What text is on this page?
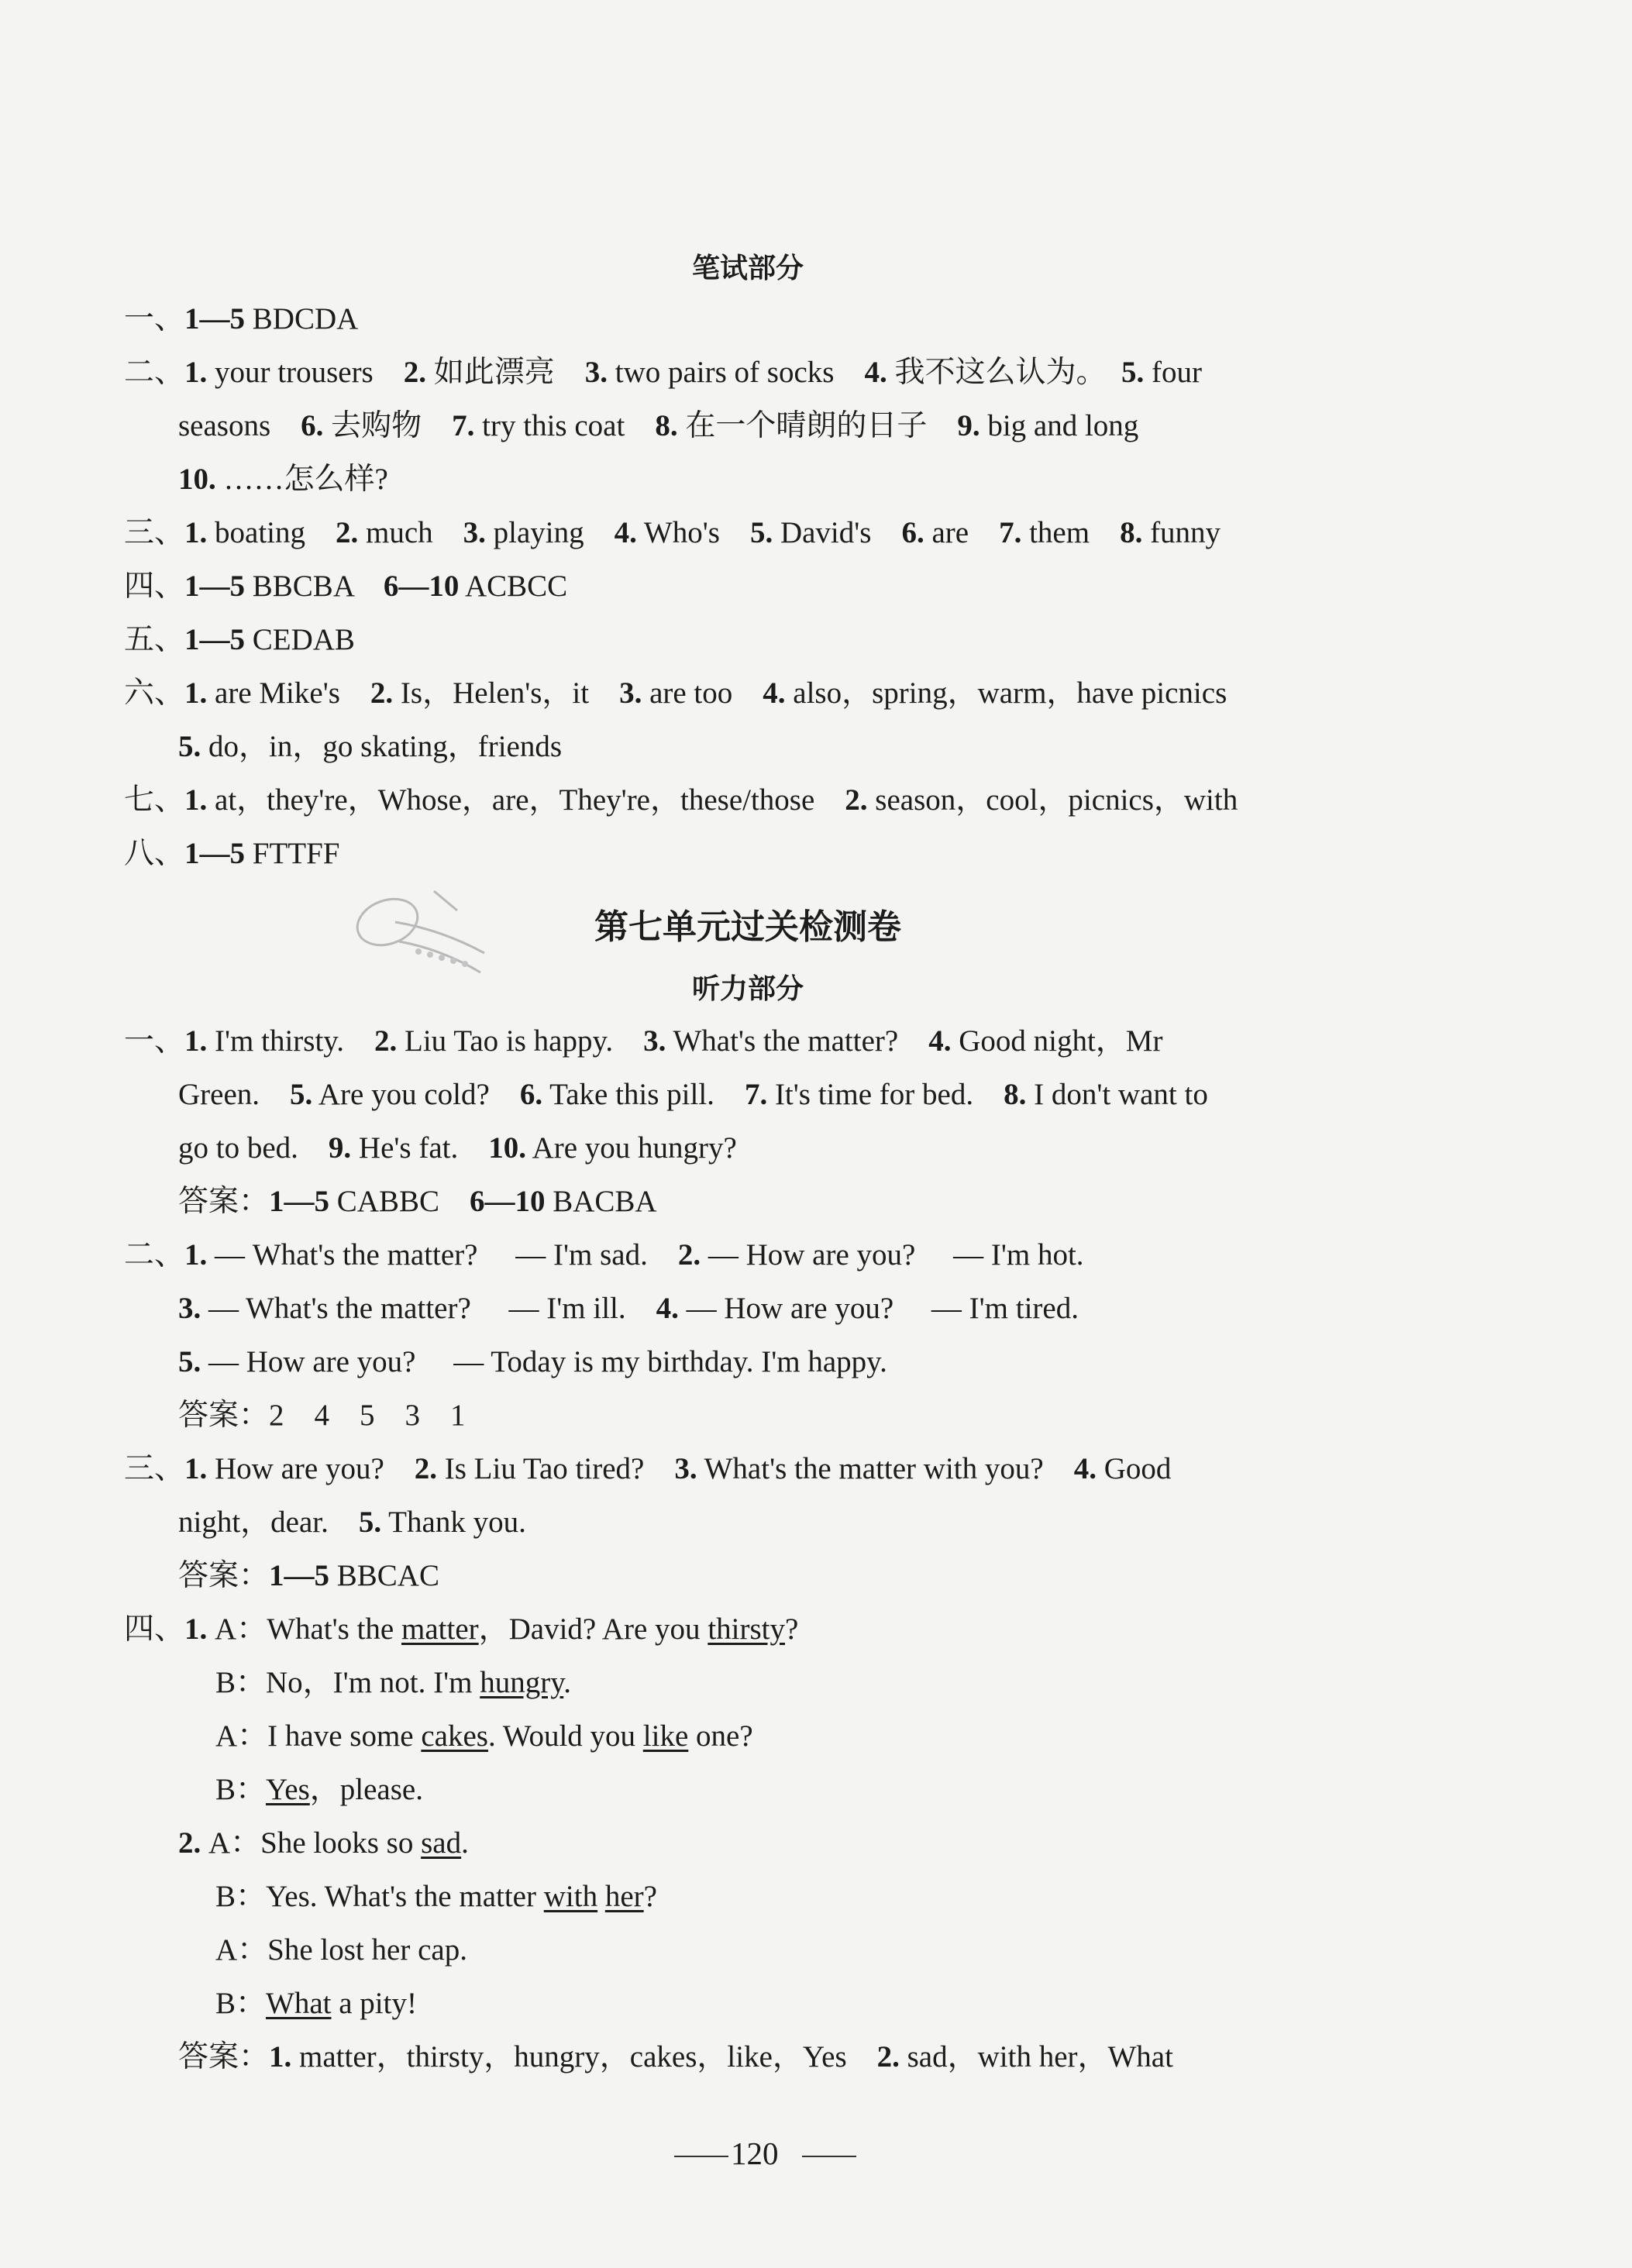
笔试部分
一、1—5 BDCDA
二、1. your trousers　2. 如此漂亮　3. two pairs of socks　4. 我不这么认为。　5. four
seasons　6. 去购物　7. try this coat　8. 在一个晴朗的日子　9. big and long
10. ……怎么样?
三、1. boating　2. much　3. playing　4. Who's　5. David's　6. are　7. them　8. funny
四、1—5 BBCBA　6—10 ACBCC
五、1—5 CEDAB
六、1. are Mike's　2. Is，Helen's，it　3. are too　4. also，spring，warm，have picnics
5. do，in，go skating，friends
七、1. at，they're，Whose，are，They're，these/those　2. season，cool，picnics，with
八、1—5 FTTFF
第七单元过关检测卷
听力部分
一、1. I'm thirsty.　2. Liu Tao is happy.　3. What's the matter?　4. Good night，Mr
Green.　5. Are you cold?　6. Take this pill.　7. It's time for bed.　8. I don't want to
go to bed.　9. He's fat.　10. Are you hungry?
答案：1—5 CABBC　6—10 BACBA
二、1. — What's the matter?　 — I'm sad.　2. — How are you?　 — I'm hot.
3. — What's the matter?　 — I'm ill.　4. — How are you?　 — I'm tired.
5. — How are you?　 — Today is my birthday. I'm happy.
答案：2　4　5　3　1
三、1. How are you?　2. Is Liu Tao tired?　3. What's the matter with you?　4. Good
night，dear.　5. Thank you.
答案：1—5 BBCAC
四、1. A：What's the matter，David? Are you thirsty?
B：No，I'm not. I'm hungry.
A：I have some cakes. Would you like one?
B：Yes，please.
2. A：She looks so sad.
B：Yes. What's the matter with her?
A：She lost her cap.
B：What a pity!
答案：1. matter，thirsty，hungry，cakes，like，Yes　2. sad，with her，What
120
